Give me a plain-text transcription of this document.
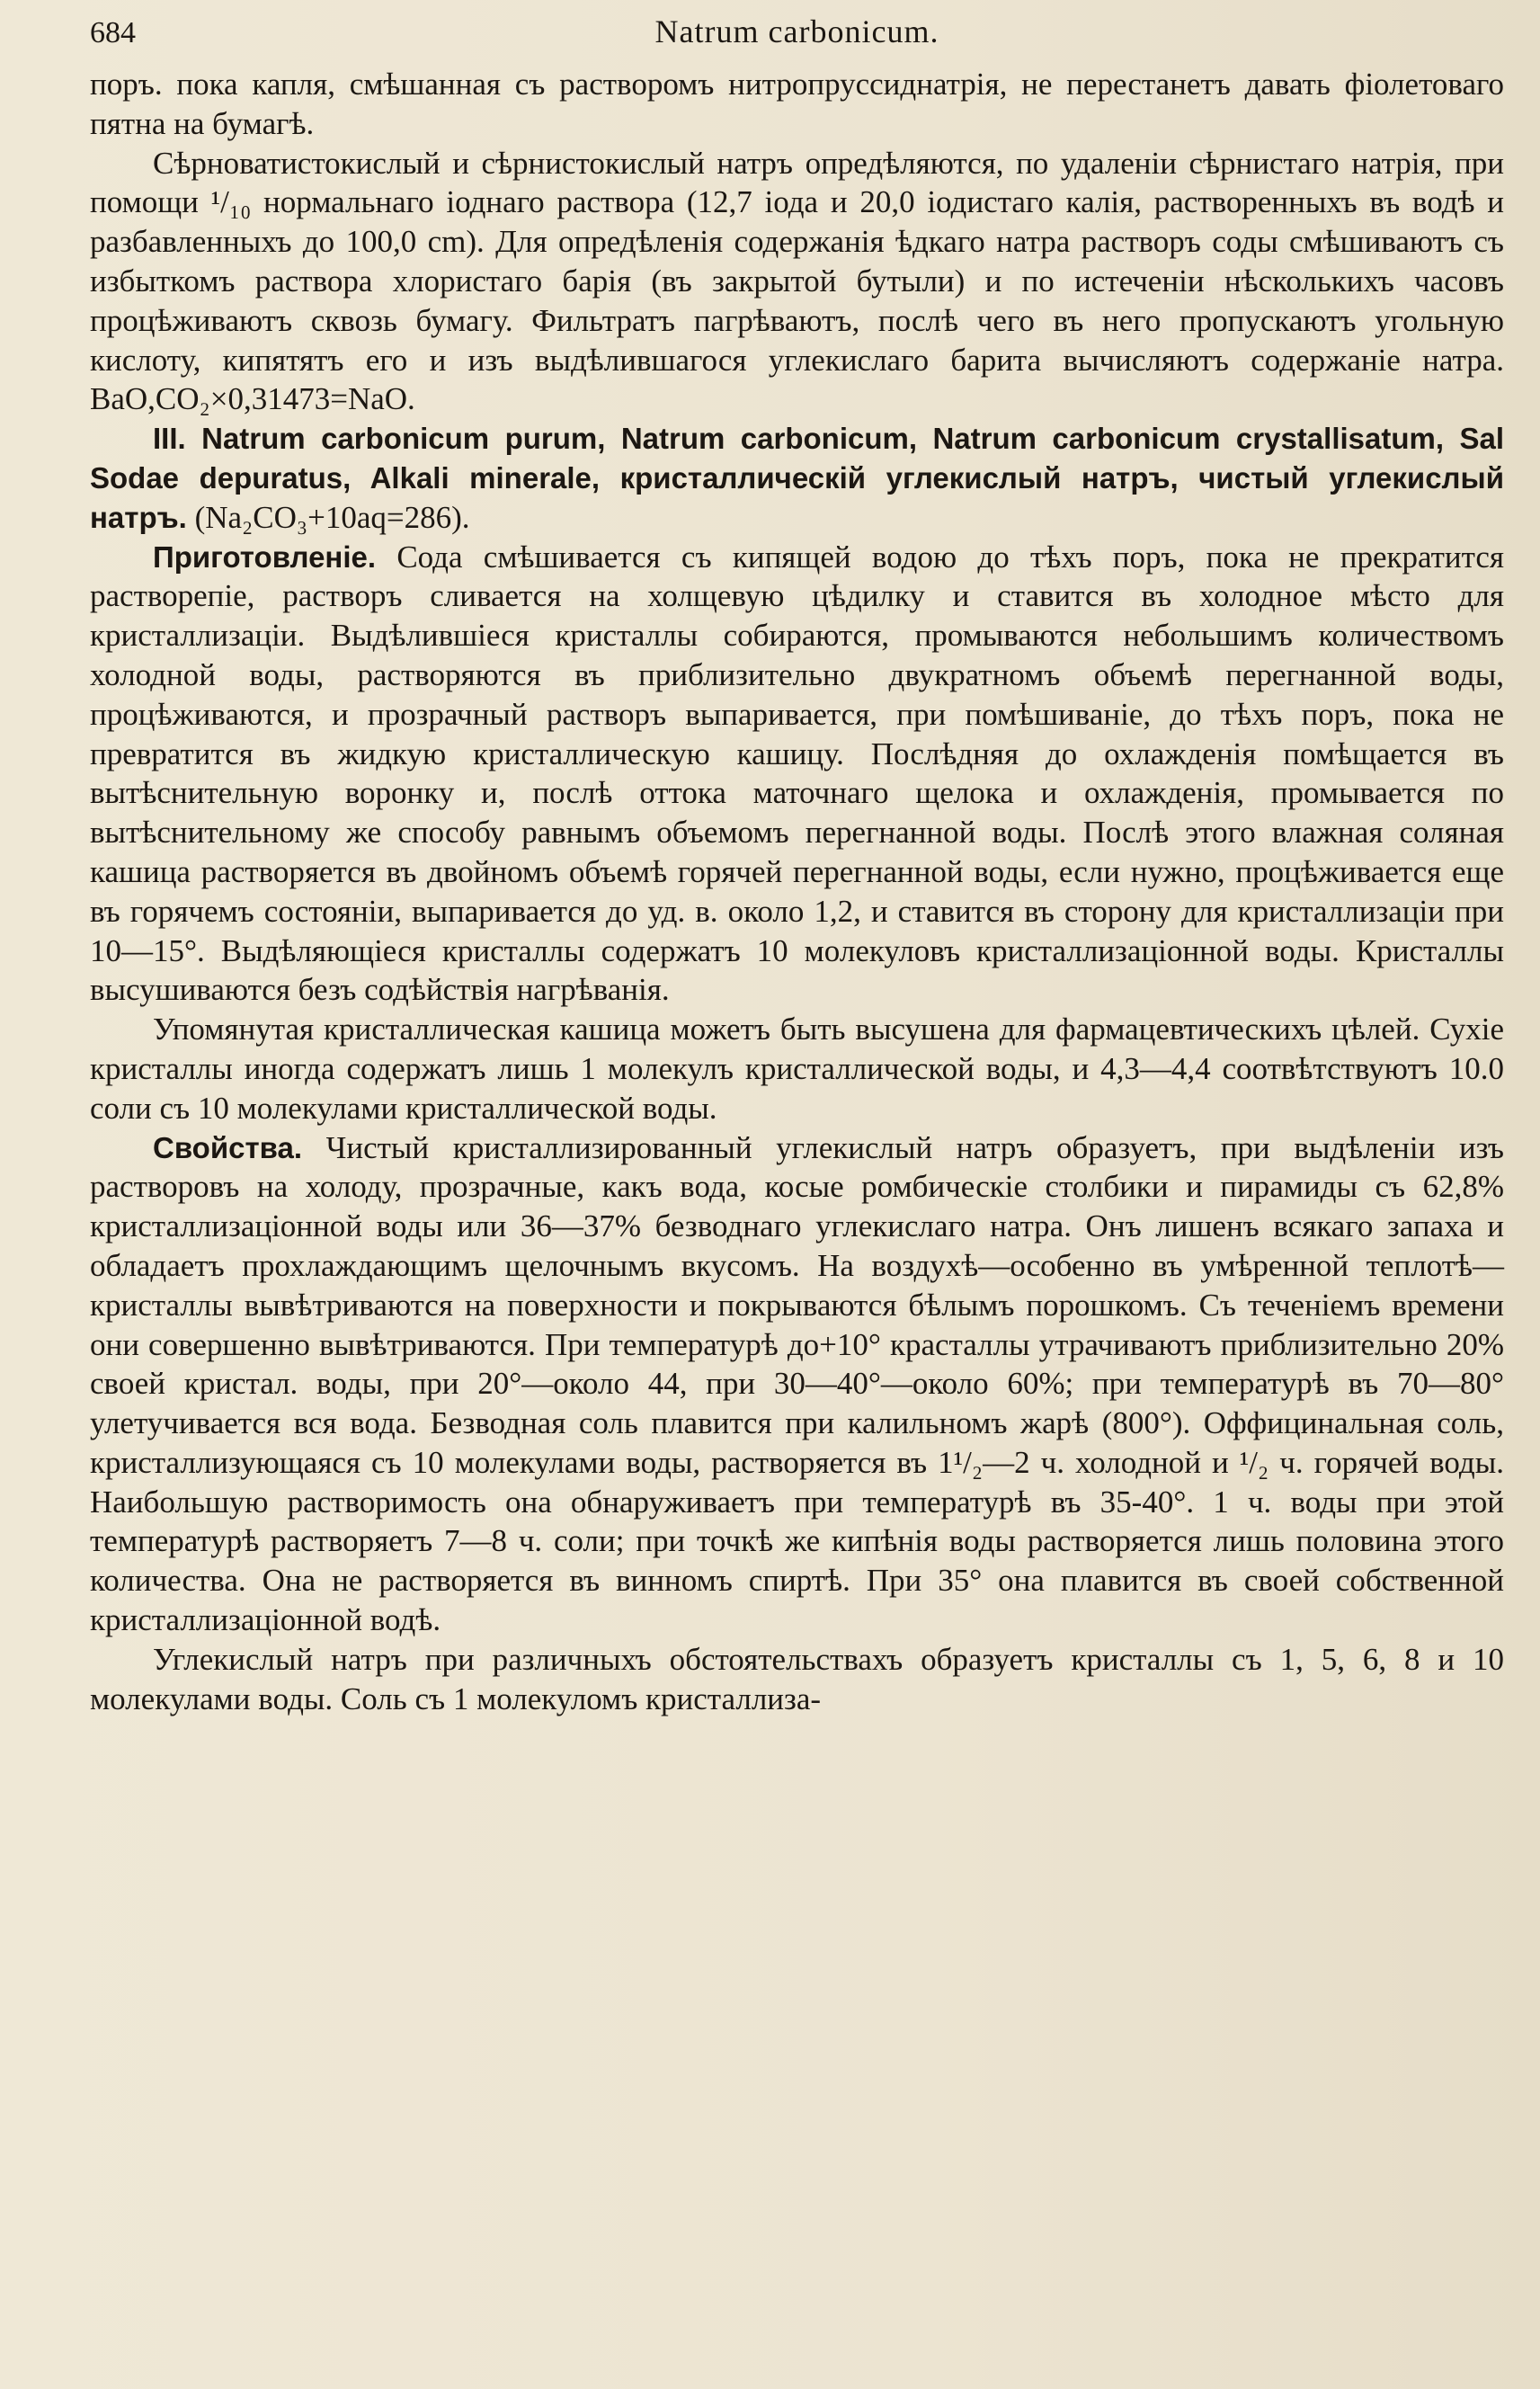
684	Natrum carbonicum.

поръ. пока капля, смѣшанная съ растворомъ нитропруссиднатрія, не перестанетъ давать фіолетоваго пятна на бумагѣ.

Сѣрноватистокислый и сѣрнистокислый натръ опредѣляются, по удаленіи сѣрнистаго натрія, при помощи ¹/₁₀ нормальнаго іоднаго раствора (12,7 іода и 20,0 іодистаго калія, растворенныхъ въ водѣ и разбавленныхъ до 100,0 cm). Для опредѣленія содержанія ѣдкаго натра растворъ соды смѣшиваютъ съ избыткомъ раствора хлористаго барія (въ закрытой бутыли) и по истеченіи нѣсколькихъ часовъ процѣживаютъ сквозь бумагу. Фильтратъ пагрѣваютъ, послѣ чего въ него пропускаютъ угольную кислоту, кипятятъ его и изъ выдѣлившагося углекислаго барита вычисляютъ содержаніе натра. BaO,CO₂×0,31473=NaO.

III. Natrum carbonicum purum, Natrum carbonicum, Natrum carbonicum crystallisatum, Sal Sodae depuratus, Alkali minerale, кристаллическій углекислый натръ, чистый углекислый натръ. (Na₂CO₃+10aq=286).

Приготовленіе. Сода смѣшивается съ кипящей водою до тѣхъ поръ, пока не прекратится растворепіе, растворъ сливается на холщевую цѣдилку и ставится въ холодное мѣсто для кристаллизаціи. Выдѣлившіеся кристаллы собираются, промываются небольшимъ количествомъ холодной воды, растворяются въ приблизительно двукратномъ объемѣ перегнанной воды, процѣживаются, и прозрачный растворъ выпаривается, при помѣшиваніе, до тѣхъ поръ, пока не превратится въ жидкую кристаллическую кашицу. Послѣдняя до охлажденія помѣщается въ вытѣснительную воронку и, послѣ оттока маточнаго щелока и охлажденія, промывается по вытѣснительному же способу равнымъ объемомъ перегнанной воды. Послѣ этого влажная соляная кашица растворяется въ двойномъ объемѣ горячей перегнанной воды, если нужно, процѣживается еще въ горячемъ состояніи, выпаривается до уд. в. около 1,2, и ставится въ сторону для кристаллизаціи при 10—15°. Выдѣляющіеся кристаллы содержатъ 10 молекуловъ кристаллизаціонной воды. Кристаллы высушиваются безъ содѣйствія нагрѣванія.

Упомянутая кристаллическая кашица можетъ быть высушена для фармацевтическихъ цѣлей. Сухіе кристаллы иногда содержатъ лишь 1 молекулъ кристаллической воды, и 4,3—4,4 соотвѣтствуютъ 10.0 соли съ 10 молекулами кристаллической воды.

Свойства. Чистый кристаллизированный углекислый натръ образуетъ, при выдѣленіи изъ растворовъ на холоду, прозрачные, какъ вода, косые ромбическіе столбики и пирамиды съ 62,8% кристаллизаціонной воды или 36—37% безводнаго углекислаго натра. Онъ лишенъ всякаго запаха и обладаетъ прохлаждающимъ щелочнымъ вкусомъ. На воздухѣ—особенно въ умѣренной теплотѣ—кристаллы вывѣтриваются на поверхности и покрываются бѣлымъ порошкомъ. Съ теченіемъ времени они совершенно вывѣтриваются. При температурѣ до+10° красталлы утрачиваютъ приблизительно 20% своей кристал. воды, при 20°—около 44, при 30—40°—около 60%; при температурѣ въ 70—80° улетучивается вся вода. Безводная соль плавится при калильномъ жарѣ (800°). Оффицинальная соль, кристаллизующаяся съ 10 молекулами воды, растворяется въ 1¹/₂—2 ч. холодной и ¹/₂ ч. горячей воды. Наибольшую растворимость она обнаруживаетъ при температурѣ въ 35-40°. 1 ч. воды при этой температурѣ растворяетъ 7—8 ч. соли; при точкѣ же кипѣнія воды растворяется лишь половина этого количества. Она не растворяется въ винномъ спиртѣ. При 35° она плавится въ своей собственной кристаллизаціонной водѣ.

Углекислый натръ при различныхъ обстоятельствахъ образуетъ кристаллы съ 1, 5, 6, 8 и 10 молекулами воды. Соль съ 1 молекуломъ кристаллиза-
